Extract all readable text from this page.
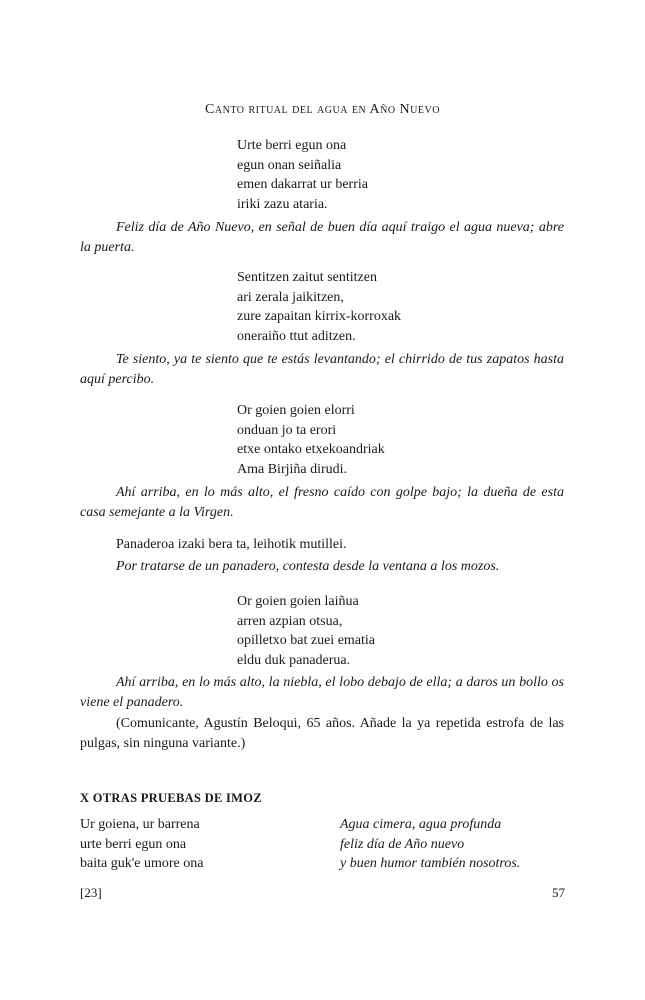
Canto ritual del agua en Año Nuevo
Urte berri egun ona
egun onan seiñalia
emen dakarrat ur berria
iriki zazu ataria.

Feliz día de Año Nuevo, en señal de buen día aquí traigo el agua nueva; abre la puerta.

Sentitzen zaitut sentitzen
ari zerala jaikitzen,
zure zapaitan kirrix-korroxak
oneraiño ttut aditzen.

Te siento, ya te siento que te estás levantando; el chirrido de tus zapatos hasta aquí percibo.

Or goien goien elorri
onduan jo ta erori
etxe ontako etxekoandriak
Ama Birjiña dirudi.

Ahí arriba, en lo más alto, el fresno caído con golpe bajo; la dueña de esta casa semejante a la Virgen.

Panaderoa izaki bera ta, leihotik mutillei.

Por tratarse de un panadero, contesta desde la ventana a los mozos.

Or goien goien laiñua
arren azpian otsua,
opilletxo bat zuei ematia
eldu duk panaderua.

Ahí arriba, en lo más alto, la niebla, el lobo debajo de ella; a daros un bollo os viene el panadero.

(Comunicante, Agustín Beloqui, 65 años. Añade la ya repetida estrofa de las pulgas, sin ninguna variante.)

X OTRAS PRUEBAS DE IMOZ
Ur goiena, ur barrena
urte berri egun ona
baita guk'e umore ona
Agua cimera, agua profunda
feliz día de Año nuevo
y buen humor también nosotros.
[23]	57
